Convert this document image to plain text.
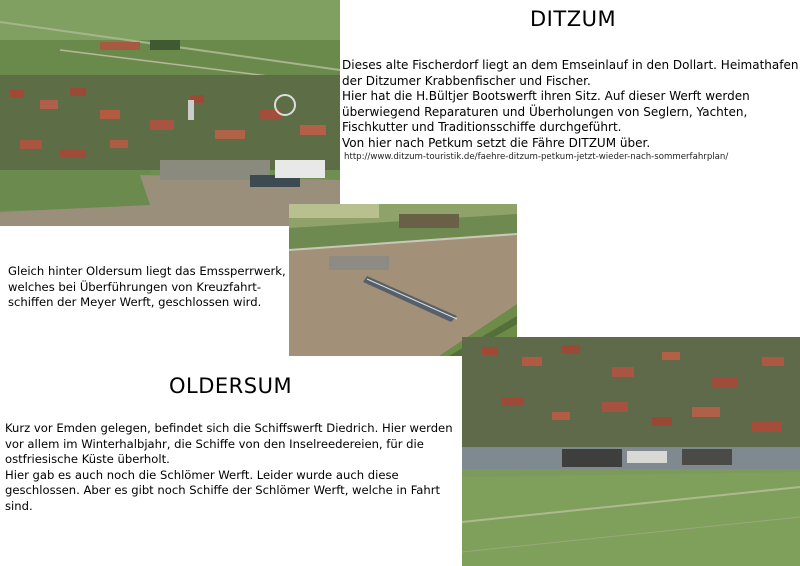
DITZUM
Dieses alte Fischerdorf liegt an dem Emseinlauf in den Dollart. Heimathafen
der Ditzumer Krabbenfischer und Fischer.
Hier hat die H.Bültjer Bootswerft ihren Sitz. Auf dieser Werft werden
überwiegend Reparaturen und Überholungen von Seglern, Yachten,
Fischkutter und Traditionsschiffe durchgeführt.
Von hier nach Petkum setzt die Fähre DITZUM über.
http://www.ditzum-touristik.de/faehre-ditzum-petkum-jetzt-wieder-nach-sommerfahrplan/
Gleich hinter Oldersum liegt das Emssperrwerk,
welches bei Überführungen von Kreuzfahrt-
schiffen der Meyer Werft, geschlossen wird.
OLDERSUM
Kurz vor Emden gelegen, befindet sich die Schiffswerft Diedrich. Hier werden
vor allem im Winterhalbjahr, die Schiffe von den Inselreedereien, für die
ostfriesische Küste überholt.
Hier gab es auch noch die Schlömer Werft. Leider wurde auch diese
geschlossen. Aber es gibt noch Schiffe der Schlömer Werft, welche in Fahrt
sind.
